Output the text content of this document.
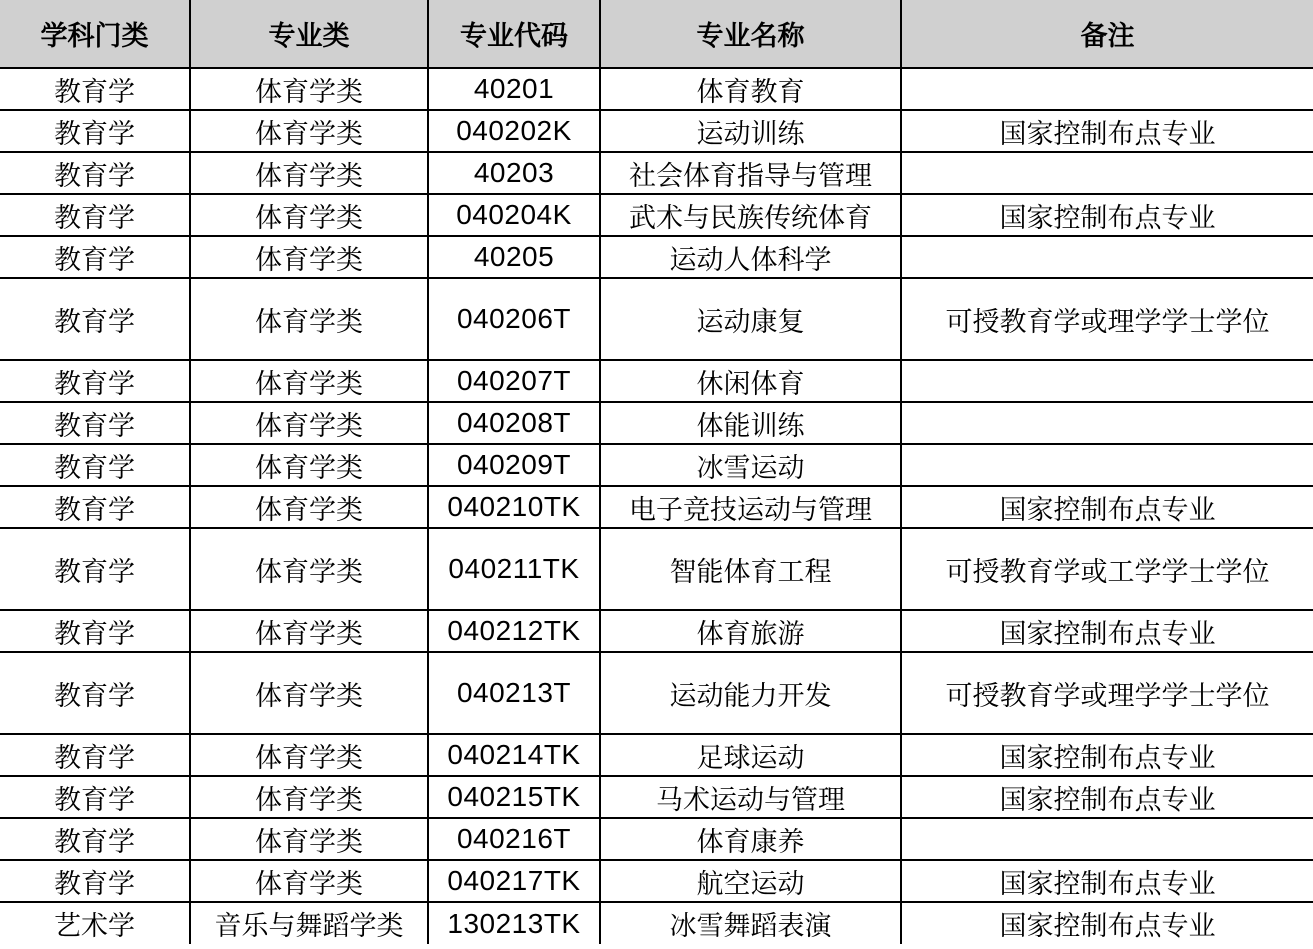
学科门类	专业类	专业代码	专业名称	备注
教育学	体育学类	40201	体育教育	
教育学	体育学类	040202K	运动训练	国家控制布点专业
教育学	体育学类	40203	社会体育指导与管理	
教育学	体育学类	040204K	武术与民族传统体育	国家控制布点专业
教育学	体育学类	40205	运动人体科学	
教育学	体育学类	040206T	运动康复	可授教育学或理学学士学位
教育学	体育学类	040207T	休闲体育	
教育学	体育学类	040208T	体能训练	
教育学	体育学类	040209T	冰雪运动	
教育学	体育学类	040210TK	电子竞技运动与管理	国家控制布点专业
教育学	体育学类	040211TK	智能体育工程	可授教育学或工学学士学位
教育学	体育学类	040212TK	体育旅游	国家控制布点专业
教育学	体育学类	040213T	运动能力开发	可授教育学或理学学士学位
教育学	体育学类	040214TK	足球运动	国家控制布点专业
教育学	体育学类	040215TK	马术运动与管理	国家控制布点专业
教育学	体育学类	040216T	体育康养	
教育学	体育学类	040217TK	航空运动	国家控制布点专业
艺术学	音乐与舞蹈学类	130213TK	冰雪舞蹈表演	国家控制布点专业
